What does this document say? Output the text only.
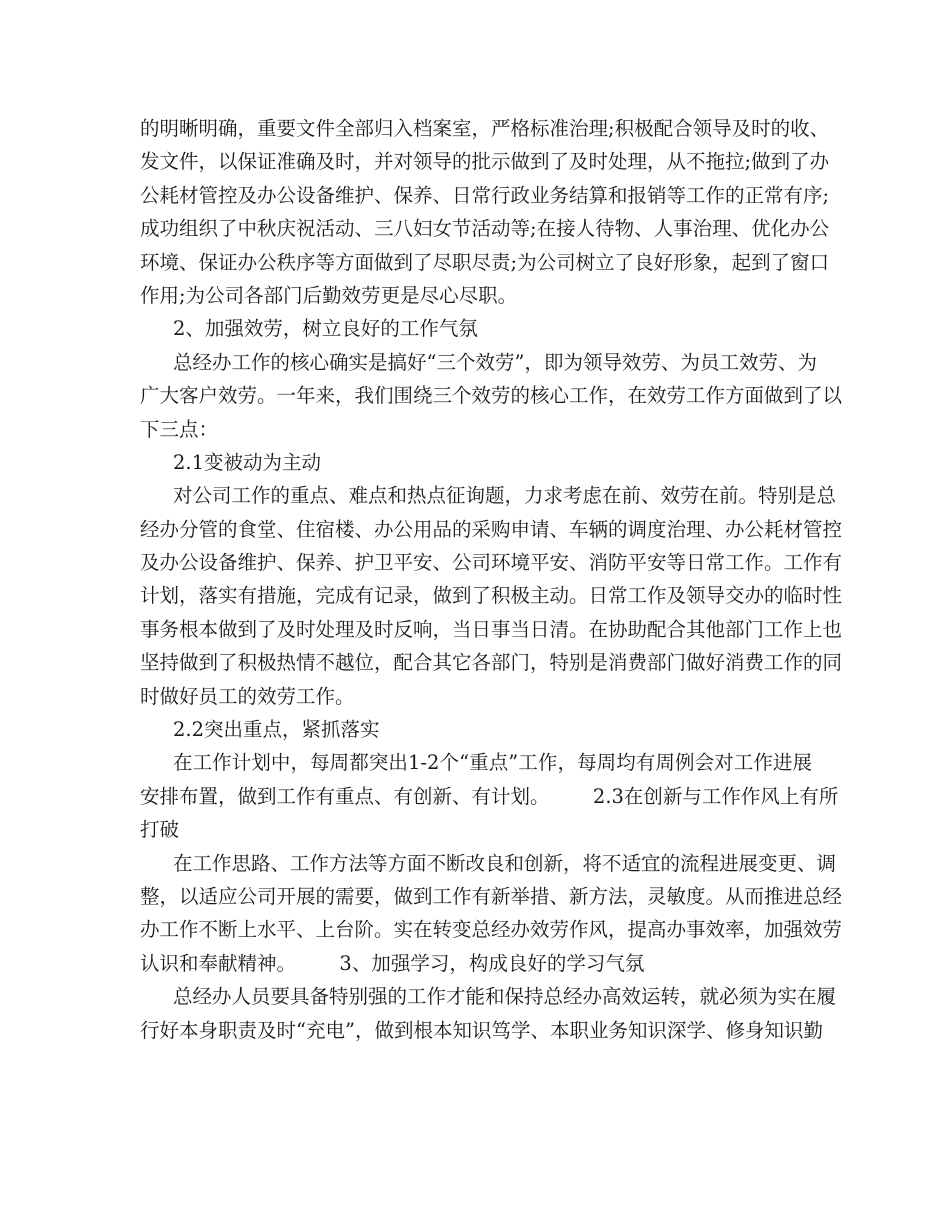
的明晰明确，重要文件全部归入档案室，严格标准治理;积极配合领导及时的收、
发文件，以保证准确及时，并对领导的批示做到了及时处理，从不拖拉;做到了办
公耗材管控及办公设备维护、保养、日常行政业务结算和报销等工作的正常有序;
成功组织了中秋庆祝活动、三八妇女节活动等;在接人待物、人事治理、优化办公
环境、保证办公秩序等方面做到了尽职尽责;为公司树立了良好形象，起到了窗口
作用;为公司各部门后勤效劳更是尽心尽职。
2、加强效劳，树立良好的工作气氛
总经办工作的核心确实是搞好“三个效劳”，即为领导效劳、为员工效劳、为
广大客户效劳。一年来，我们围绕三个效劳的核心工作，在效劳工作方面做到了以
下三点：
2.1变被动为主动
对公司工作的重点、难点和热点征询题，力求考虑在前、效劳在前。特别是总
经办分管的食堂、住宿楼、办公用品的采购申请、车辆的调度治理、办公耗材管控
及办公设备维护、保养、护卫平安、公司环境平安、消防平安等日常工作。工作有
计划，落实有措施，完成有记录，做到了积极主动。日常工作及领导交办的临时性
事务根本做到了及时处理及时反响，当日事当日清。在协助配合其他部门工作上也
坚持做到了积极热情不越位，配合其它各部门，特别是消费部门做好消费工作的同
时做好员工的效劳工作。
2.2突出重点，紧抓落实
在工作计划中，每周都突出1-2个“重点”工作，每周均有周例会对工作进展
安排布置，做到工作有重点、有创新、有计划。 2.3在创新与工作作风上有所
打破
在工作思路、工作方法等方面不断改良和创新，将不适宜的流程进展变更、调
整，以适应公司开展的需要，做到工作有新举措、新方法，灵敏度。从而推进总经
办工作不断上水平、上台阶。实在转变总经办效劳作风，提高办事效率，加强效劳
认识和奉献精神。 3、加强学习，构成良好的学习气氛
总经办人员要具备特别强的工作才能和保持总经办高效运转，就必须为实在履
行好本身职责及时“充电”，做到根本知识笃学、本职业务知识深学、修身知识勤
